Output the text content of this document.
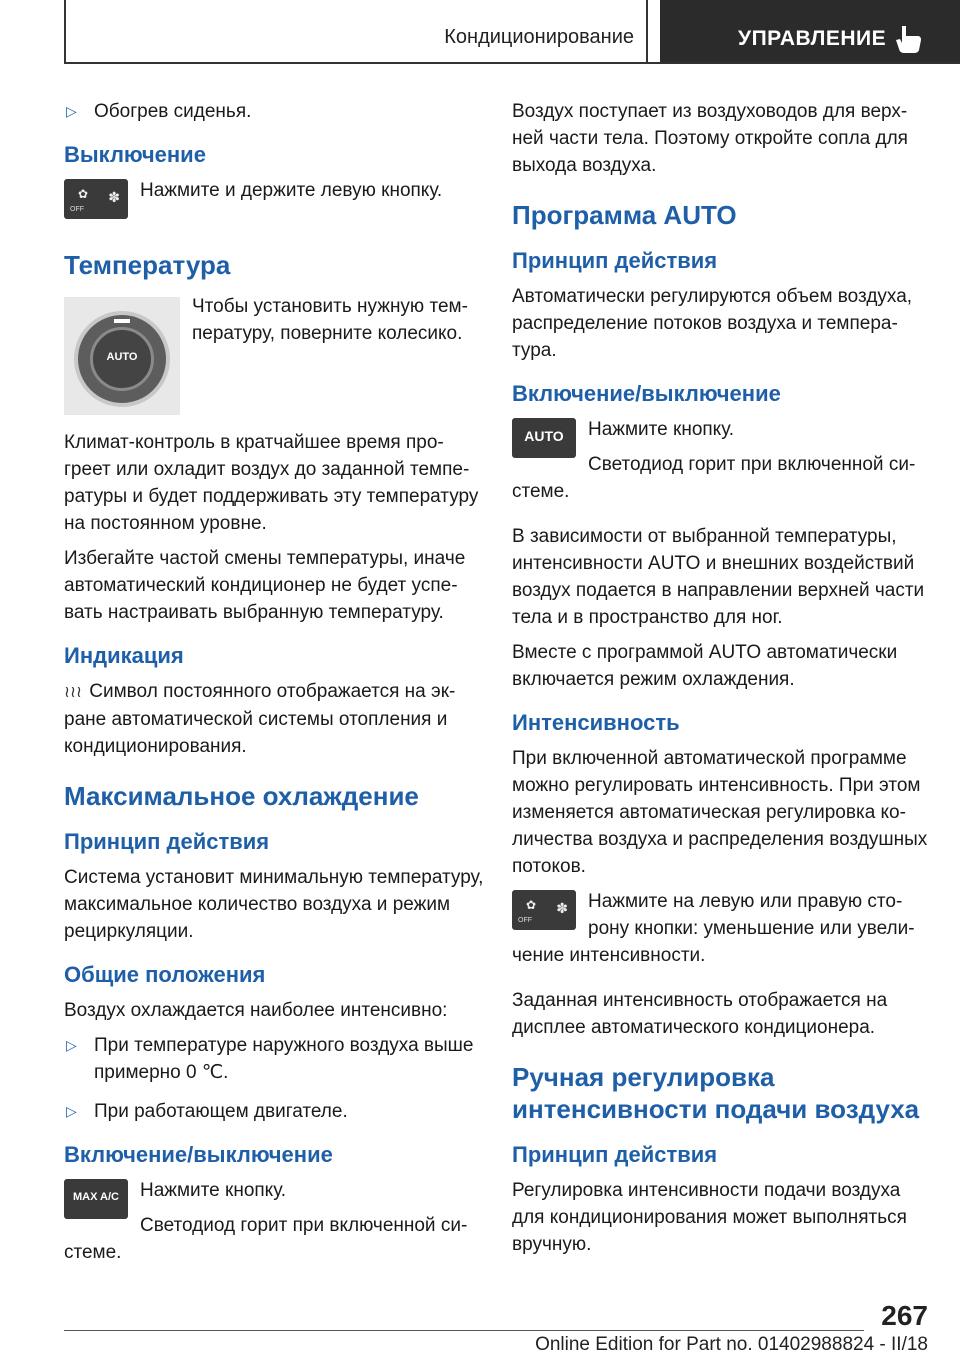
Кондиционирование	УПРАВЛЕНИЕ
▷ Обогрев сиденья.
Выключение
✿
OFF
✽	Нажмите и держите левую кнопку.

Температура
AUTO

Чтобы установить нужную температуру, поверните колесико.

Климат-контроль в кратчайшее время прогреет или охладит воздух до заданной температуры и будет поддерживать эту температуру на постоянном уровне.

Избегайте частой смены температуры, иначе автоматический кондиционер не будет успевать настраивать выбранную температуру.

Индикация

≀≀≀ Символ постоянного отображается на экране автоматической системы отопления и кондиционирования.

Максимальное охлаждение
Принцип действия

Система установит минимальную температуру, максимальное количество воздуха и режим рециркуляции.

Общие положения

Воздух охлаждается наиболее интенсивно:

▷ При температуре наружного воздуха выше примерно 0 ℃.
▷ При работающем двигателе.
Включение/выключение
MAX A/C	Нажмите кнопку.

Светодиод горит при включенной системе.

Воздух поступает из воздуховодов для верхней части тела. Поэтому откройте сопла для выхода воздуха.

Программа AUTO
Принцип действия

Автоматически регулируются объем воздуха, распределение потоков воздуха и температура.

Включение/выключение
AUTO	Нажмите кнопку.

Светодиод горит при включенной системе.

В зависимости от выбранной температуры, интенсивности AUTO и внешних воздействий воздух подается в направлении верхней части тела и в пространство для ног.

Вместе с программой AUTO автоматически включается режим охлаждения.

Интенсивность

При включенной автоматической программе можно регулировать интенсивность. При этом изменяется автоматическая регулировка количества воздуха и распределения воздушных потоков.

✿
OFF
✽	Нажмите на левую или правую сторону кнопки: уменьшение или увеличение интенсивности.

Заданная интенсивность отображается на дисплее автоматического кондиционера.

Ручная регулировка интенсивности подачи воздуха
Принцип действия

Регулировка интенсивности подачи воздуха для кондиционирования может выполняться вручную.

267
Online Edition for Part no. 01402988824 - II/18
